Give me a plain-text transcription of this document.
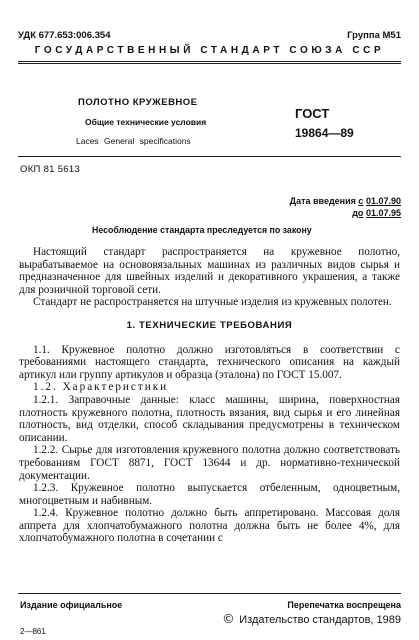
УДК 677.653:006.354	Группа М51
ГОСУДАРСТВЕННЫЙ СТАНДАРТ СОЮЗА ССР
ПОЛОТНО КРУЖЕВНОЕ
Общие технические условия
Laces General specifications
ГОСТ
19864—89
ОКП 81 5613
Дата введения с 01.07.90
до 01.07.95
Несоблюдение стандарта преследуется по закону

Настоящий стандарт распространяется на кружевное полотно, вырабатываемое на основовязальных машинах из различных видов сырья и предназначенное для швейных изделий и декоративного украшения, а также для розничной торговой сети.

Стандарт не распространяется на штучные изделия из кружевных полотен.

1. ТЕХНИЧЕСКИЕ ТРЕБОВАНИЯ

1.1. Кружевное полотно должно изготовляться в соответствии с требованиями настоящего стандарта, технического описания на каждый артикул или группу артикулов и образца (эталона) по ГОСТ 15.007.

1.2. Характеристики

1.2.1. Заправочные данные: класс машины, ширина, поверхностная плотность кружевного полотна, плотность вязания, вид сырья и его линейная плотность, вид отделки, способ складывания предусмотрены в техническом описании.

1.2.2. Сырье для изготовления кружевного полотна должно соответствовать требованиям ГОСТ 8871, ГОСТ 13644 и др. нормативно-технической документации.

1.2.3. Кружевное полотно выпускается отбеленным, одноцветным, многоцветным и набивным.

1.2.4. Кружевное полотно должно быть аппретировано. Массовая доля аппрета для хлопчатобумажного полотна должна быть не более 4%, для хлопчатобумажного полотна в сочетании с

Издание официальное	Перепечатка воспрещена
© Издательство стандартов, 1989
2—861
